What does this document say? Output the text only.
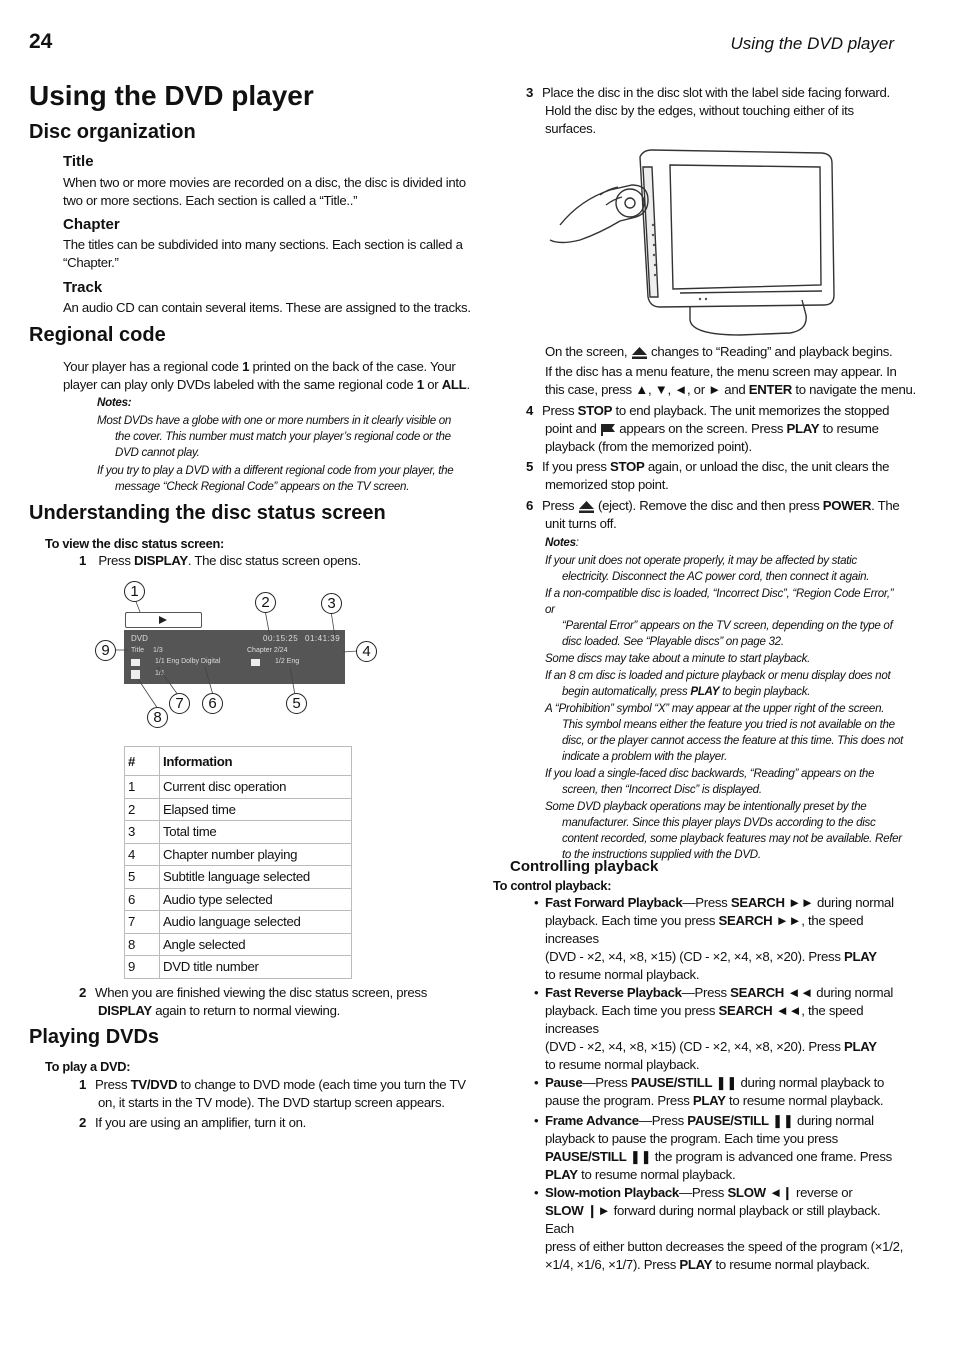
24	Using the DVD player
Using the DVD player
Disc organization
Title
When two or more movies are recorded on a disc, the disc is divided into
two or more sections. Each section is called a “Title..”
Chapter
The titles can be subdivided into many sections. Each section is called a
“Chapter.”
Track
An audio CD can contain several items. These are assigned to the tracks.
Regional code
Your player has a regional code 1 printed on the back of the case. Your
player can play only DVDs labeled with the same regional code 1 or ALL.
Notes:
Most DVDs have a globe with one or more numbers in it clearly visible on
the cover. This number must match your player’s regional code or the
DVD cannot play.
If you try to play a DVD with a different regional code from your player, the
message “Check Regional Code” appears on the TV screen.
Understanding the disc status screen
To view the disc status screen:
1 Press DISPLAY. The disc status screen opens.
DVD	00:15:25 01:41:39
Title 1/3	Chapter 2/24
1/1 Eng Dolby Digital	1/2 Eng
1/1
1
2	3
4
5
6
7
8
9
#	Information
1	Current disc operation
2	Elapsed time
3	Total time
4	Chapter number playing
5	Subtitle language selected
6	Audio type selected
7	Audio language selected
8	Angle selected
9	DVD title number
2 When you are finished viewing the disc status screen, press
DISPLAY again to return to normal viewing.
Playing DVDs
To play a DVD:
1 Press TV/DVD to change to DVD mode (each time you turn the TV
on, it starts in the TV mode). The DVD startup screen appears.
2 If you are using an amplifier, turn it on.
3 Place the disc in the disc slot with the label side facing forward.
Hold the disc by the edges, without touching either of its
surfaces.
On the screen,  changes to “Reading” and playback begins.
If the disc has a menu feature, the menu screen may appear. In
this case, press ▲, ▼, ◄, or ► and ENTER to navigate the menu.
4 Press STOP to end playback. The unit memorizes the stopped
point and  appears on the screen. Press PLAY to resume
playback (from the memorized point).
5 If you press STOP again, or unload the disc, the unit clears the
memorized stop point.
6 Press  (eject). Remove the disc and then press POWER. The
unit turns off.
Notes:
If your unit does not operate properly, it may be affected by static
electricity. Disconnect the AC power cord, then connect it again.
If a non-compatible disc is loaded, “Incorrect Disc”, “Region Code Error,” or
“Parental Error” appears on the TV screen, depending on the type of
disc loaded. See “Playable discs” on page 32.
Some discs may take about a minute to start playback.
If an 8 cm disc is loaded and picture playback or menu display does not
begin automatically, press PLAY to begin playback.
A “Prohibition” symbol “X” may appear at the upper right of the screen.
This symbol means either the feature you tried is not available on the
disc, or the player cannot access the feature at this time. This does not
indicate a problem with the player.
If you load a single-faced disc backwards, “Reading” appears on the
screen, then “Incorrect Disc” is displayed.
Some DVD playback operations may be intentionally preset by the
manufacturer. Since this player plays DVDs according to the disc
content recorded, some playback features may not be available. Refer
to the instructions supplied with the DVD.
Controlling playback
To control playback:
• Fast Forward Playback—Press SEARCH ►► during normal
playback. Each time you press SEARCH ►►, the speed increases
(DVD - ×2, ×4, ×8, ×15) (CD - ×2, ×4, ×8, ×20). Press PLAY
to resume normal playback.
• Fast Reverse Playback—Press SEARCH ◄◄ during normal
playback. Each time you press SEARCH ◄◄, the speed increases
(DVD - ×2, ×4, ×8, ×15) (CD - ×2, ×4, ×8, ×20). Press PLAY
to resume normal playback.
• Pause—Press PAUSE/STILL ❚❚ during normal playback to
pause the program. Press PLAY to resume normal playback.
• Frame Advance—Press PAUSE/STILL ❚❚ during normal
playback to pause the program. Each time you press
PAUSE/STILL ❚❚ the program is advanced one frame. Press
PLAY to resume normal playback.
• Slow-motion Playback—Press SLOW ◄❙ reverse or
SLOW ❙► forward during normal playback or still playback. Each
press of either button decreases the speed of the program (×1/2,
×1/4, ×1/6, ×1/7). Press PLAY to resume normal playback.
